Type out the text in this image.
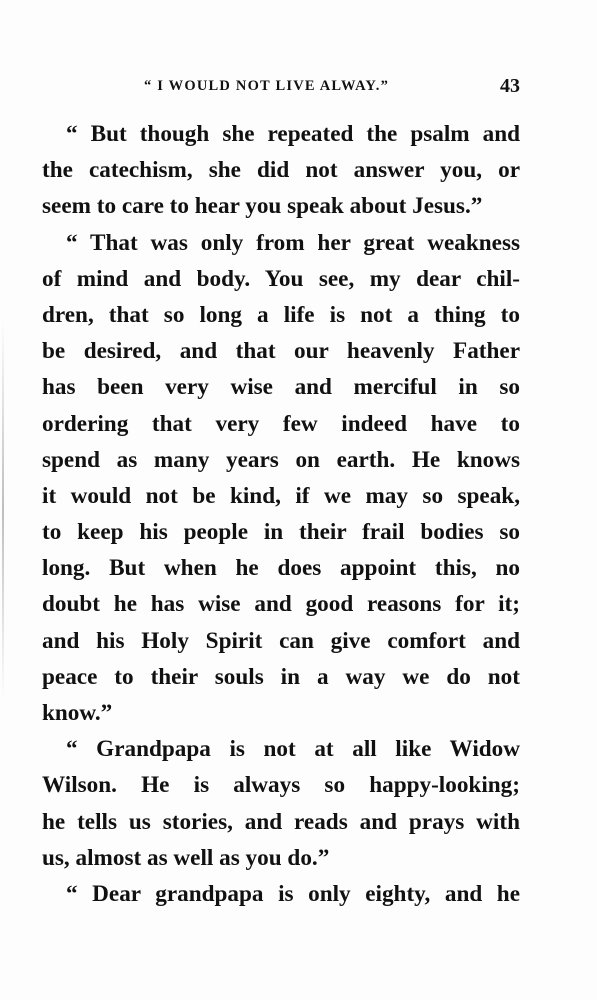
“ I WOULD NOT LIVE ALWAY.”	43
“ But though she repeated the psalm and
the catechism, she did not answer you, or
seem to care to hear you speak about Jesus.”
“ That was only from her great weakness
of mind and body. You see, my dear chil-
dren, that so long a life is not a thing to
be desired, and that our heavenly Father
has been very wise and merciful in so
ordering that very few indeed have to
spend as many years on earth. He knows
it would not be kind, if we may so speak,
to keep his people in their frail bodies so
long. But when he does appoint this, no
doubt he has wise and good reasons for it;
and his Holy Spirit can give comfort and
peace to their souls in a way we do not
know.”
“ Grandpapa is not at all like Widow
Wilson. He is always so happy-looking;
he tells us stories, and reads and prays with
us, almost as well as you do.”
“ Dear grandpapa is only eighty, and he
